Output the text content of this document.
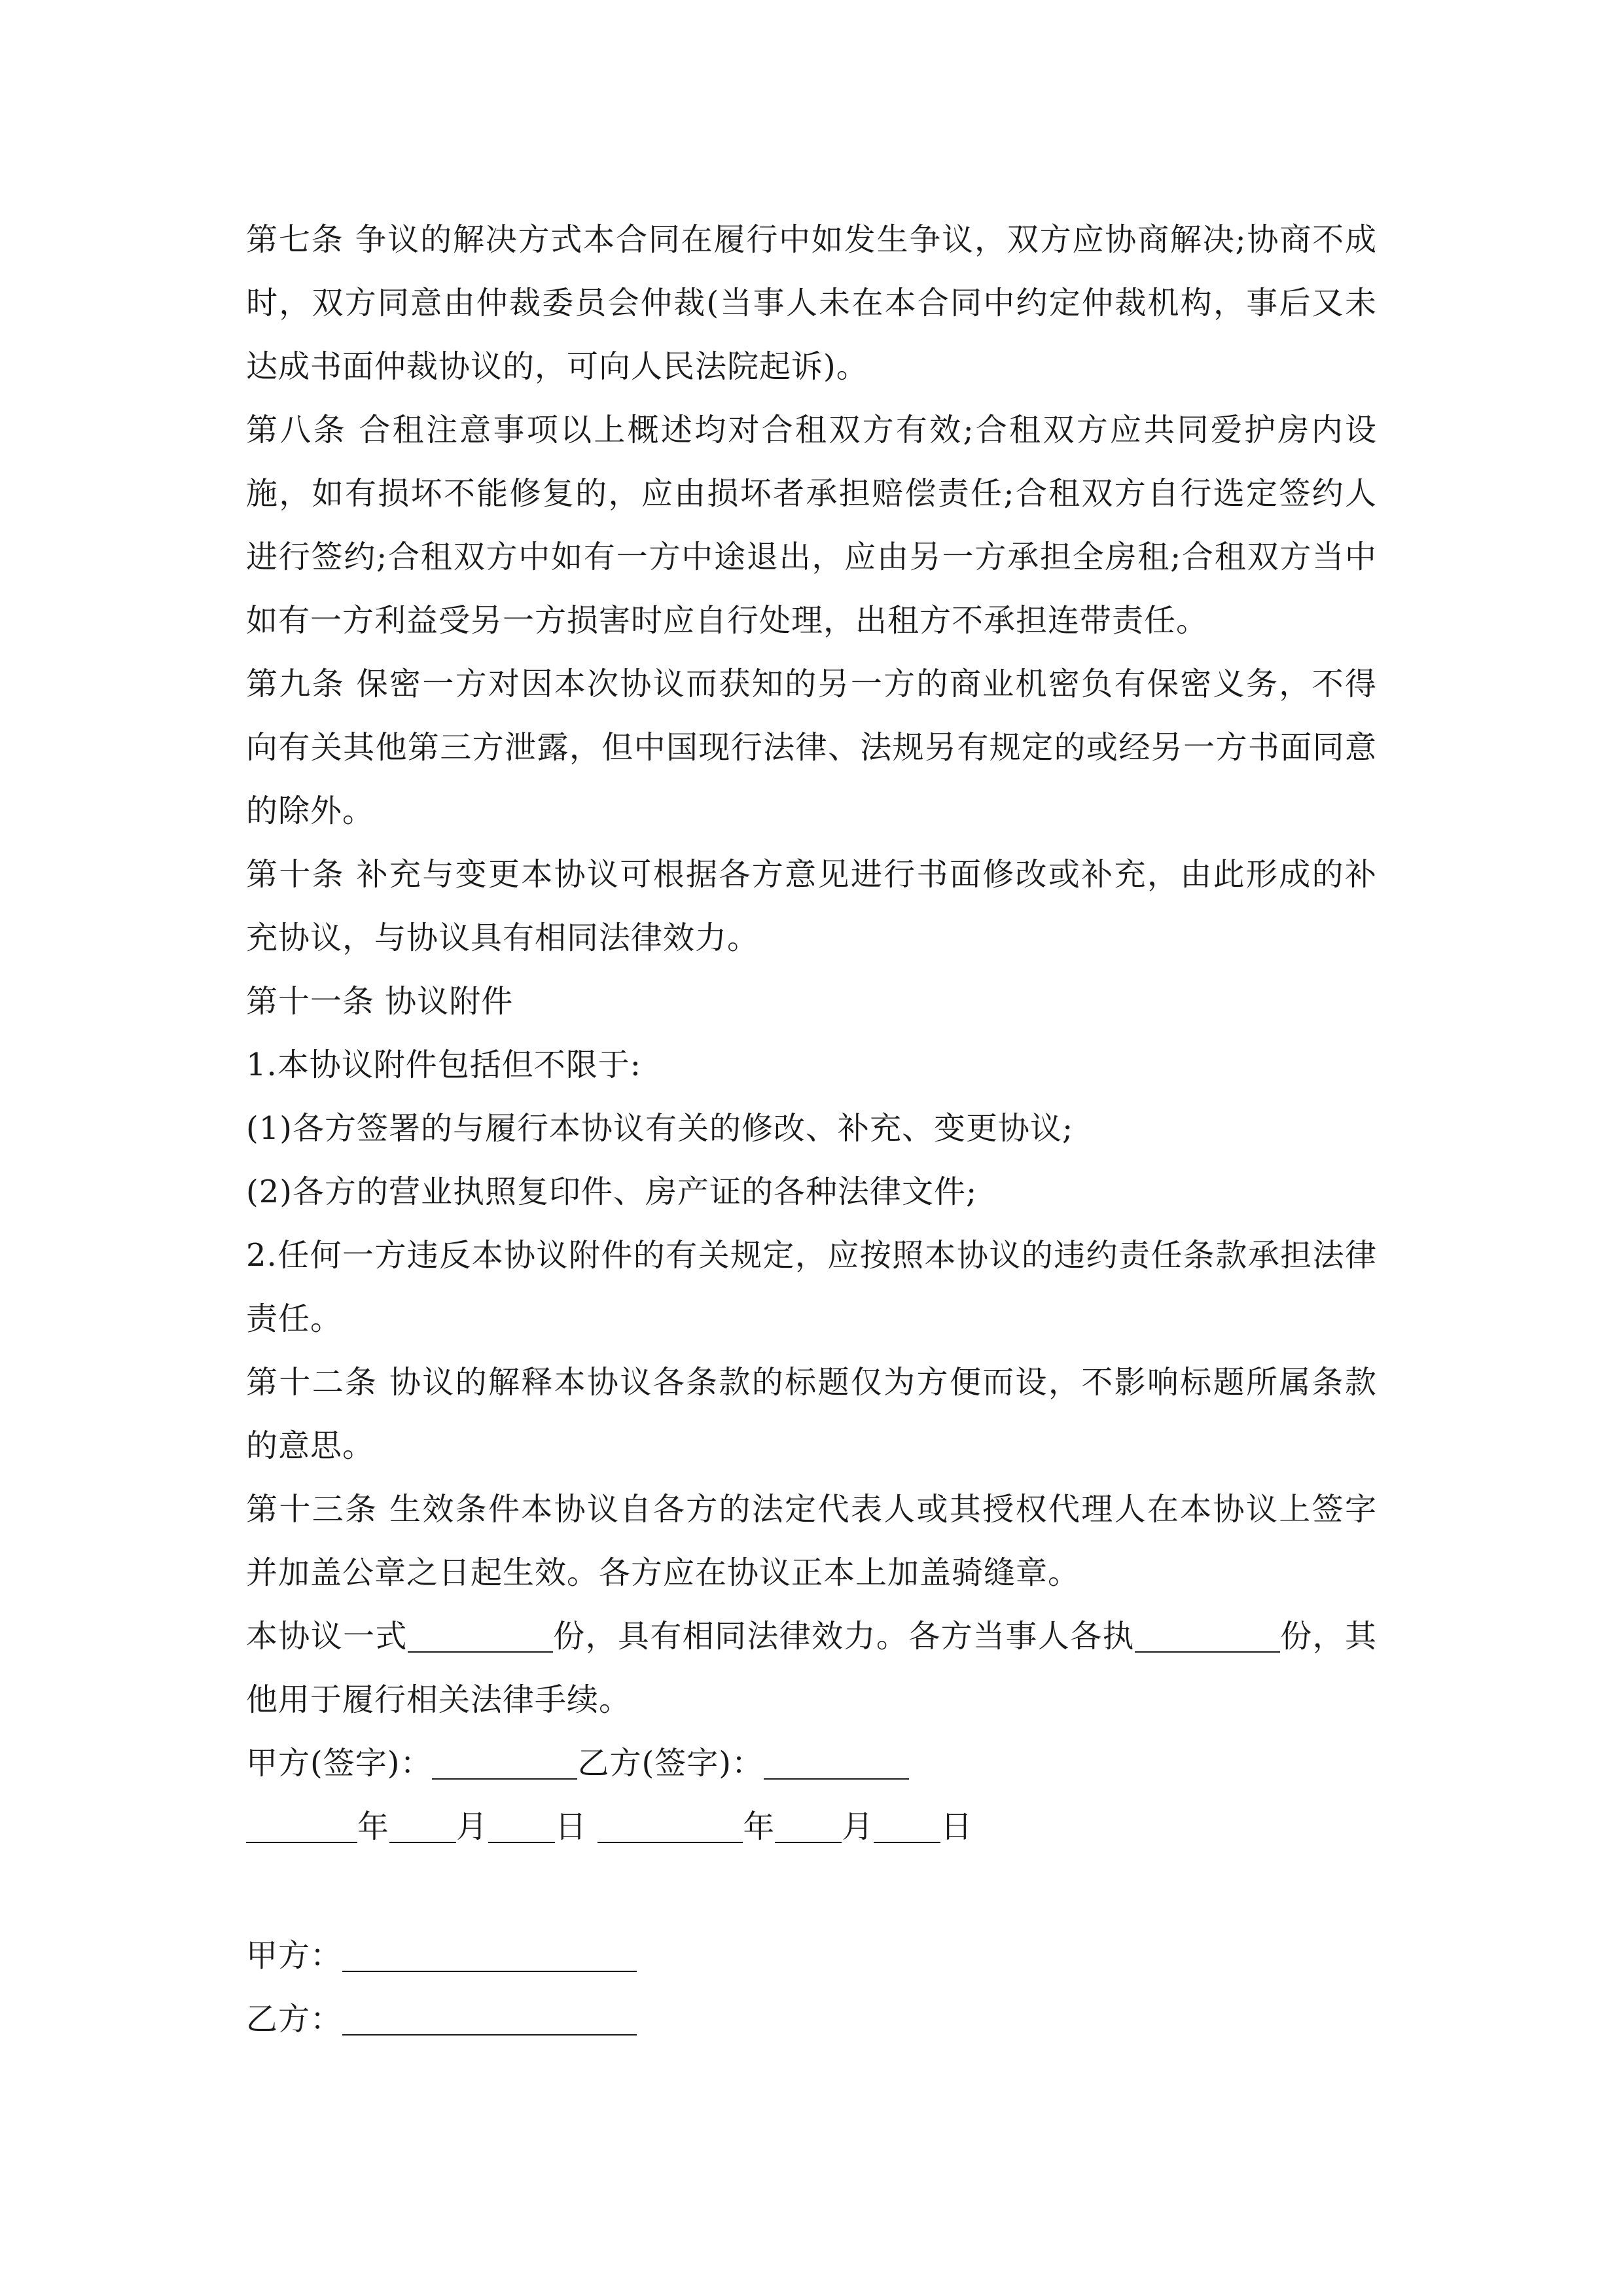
第七条 争议的解决方式本合同在履行中如发生争议，双方应协商解决;协商不成时，双方同意由仲裁委员会仲裁(当事人未在本合同中约定仲裁机构，事后又未达成书面仲裁协议的，可向人民法院起诉)。

第八条 合租注意事项以上概述均对合租双方有效;合租双方应共同爱护房内设施，如有损坏不能修复的，应由损坏者承担赔偿责任;合租双方自行选定签约人进行签约;合租双方中如有一方中途退出，应由另一方承担全房租;合租双方当中如有一方利益受另一方损害时应自行处理，出租方不承担连带责任。

第九条 保密一方对因本次协议而获知的另一方的商业机密负有保密义务，不得向有关其他第三方泄露，但中国现行法律、法规另有规定的或经另一方书面同意的除外。

第十条 补充与变更本协议可根据各方意见进行书面修改或补充，由此形成的补充协议，与协议具有相同法律效力。

第十一条 协议附件

1.本协议附件包括但不限于:

(1)各方签署的与履行本协议有关的修改、补充、变更协议;

(2)各方的营业执照复印件、房产证的各种法律文件;

2.任何一方违反本协议附件的有关规定，应按照本协议的违约责任条款承担法律责任。

第十二条 协议的解释本协议各条款的标题仅为方便而设，不影响标题所属条款的意思。

第十三条 生效条件本协议自各方的法定代表人或其授权代理人在本协议上签字并加盖公章之日起生效。各方应在协议正本上加盖骑缝章。

本协议一式	份，具有相同法律效力。各方当事人各执	份，其他用于履行相关法律手续。

甲方(签字)：	乙方(签字)：

年 月 日	年 月 日

甲方：

乙方：
